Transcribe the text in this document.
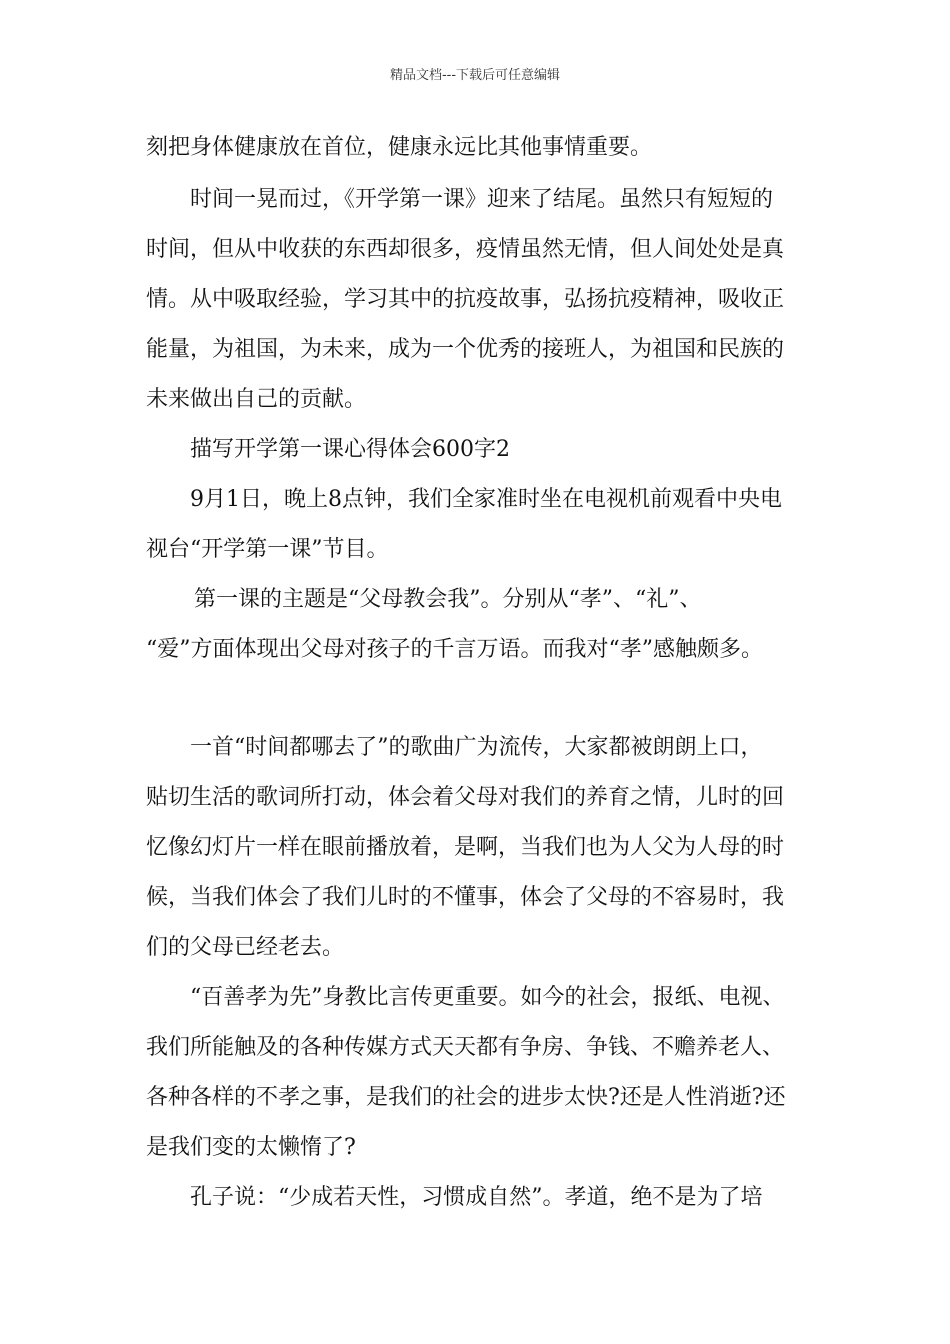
精品文档---下载后可任意编辑
刻把身体健康放在首位，健康永远比其他事情重要。
时间一晃而过，《开学第一课》迎来了结尾。虽然只有短短的
时间，但从中收获的东西却很多，疫情虽然无情，但人间处处是真
情。从中吸取经验，学习其中的抗疫故事，弘扬抗疫精神，吸收正
能量，为祖国，为未来，成为一个优秀的接班人，为祖国和民族的
未来做出自己的贡献。
描写开学第一课心得体会600字2
9月1日，晚上8点钟，我们全家准时坐在电视机前观看中央电
视台“开学第一课”节目。
第一课的主题是“父母教会我”。分别从“孝”、“礼”、
“爱”方面体现出父母对孩子的千言万语。而我对“孝”感触颇多。
一首“时间都哪去了”的歌曲广为流传，大家都被朗朗上口，
贴切生活的歌词所打动，体会着父母对我们的养育之情，儿时的回
忆像幻灯片一样在眼前播放着，是啊，当我们也为人父为人母的时
候，当我们体会了我们儿时的不懂事，体会了父母的不容易时，我
们的父母已经老去。
“百善孝为先”身教比言传更重要。如今的社会，报纸、电视、
我们所能触及的各种传媒方式天天都有争房、争钱、不赡养老人、
各种各样的不孝之事，是我们的社会的进步太快?还是人性消逝?还
是我们变的太懒惰了?
孔子说：“少成若天性，习惯成自然”。孝道，绝不是为了培
